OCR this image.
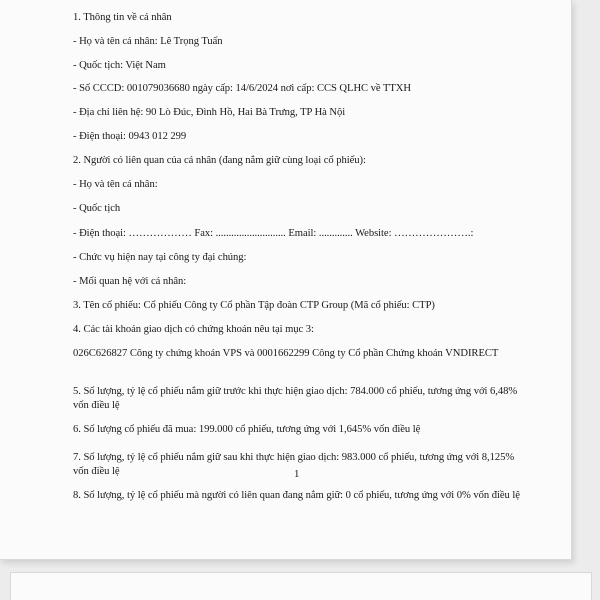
1. Thông tin về cá nhân
- Họ và tên cá nhân: Lê Trọng Tuấn
- Quốc tịch: Việt Nam
- Số CCCD: 001079036680 ngày cấp: 14/6/2024 nơi cấp: CCS QLHC về TTXH
- Địa chỉ liên hệ: 90 Lò Đúc, Đình Hồ, Hai Bà Trưng, TP Hà Nội
- Điện thoại: 0943 012 299
2. Người có liên quan của cá nhân (đang nắm giữ cùng loại cổ phiếu):
- Họ và tên cá nhân:
- Quốc tịch
- Điện thoại: ……………… Fax: ........................... Email: ............. Website: ………………….:
- Chức vụ hiện nay tại công ty đại chúng:
- Mối quan hệ với cá nhân:
3. Tên cổ phiếu: Cổ phiếu Công ty Cổ phần Tập đoàn CTP Group (Mã cổ phiếu: CTP)
4. Các tài khoản giao dịch có chứng khoán nêu tại mục 3:
026C626827 Công ty chứng khoán VPS và 0001662299 Công ty Cổ phần Chứng khoán VNDIRECT
5. Số lượng, tỷ lệ cổ phiếu nắm giữ trước khi thực hiện giao dịch: 784.000 cổ phiếu, tương ứng với 6,48% vốn điều lệ
6. Số lượng cổ phiếu đã mua: 199.000 cổ phiếu, tương ứng với 1,645% vốn điều lệ
7. Số lượng, tỷ lệ cổ phiếu nắm giữ sau khi thực hiện giao dịch: 983.000 cổ phiếu, tương ứng với 8,125% vốn điều lệ
8. Số lượng, tỷ lệ cổ phiếu mà người có liên quan đang nắm giữ: 0 cổ phiếu, tương ứng với 0% vốn điều lệ
1
